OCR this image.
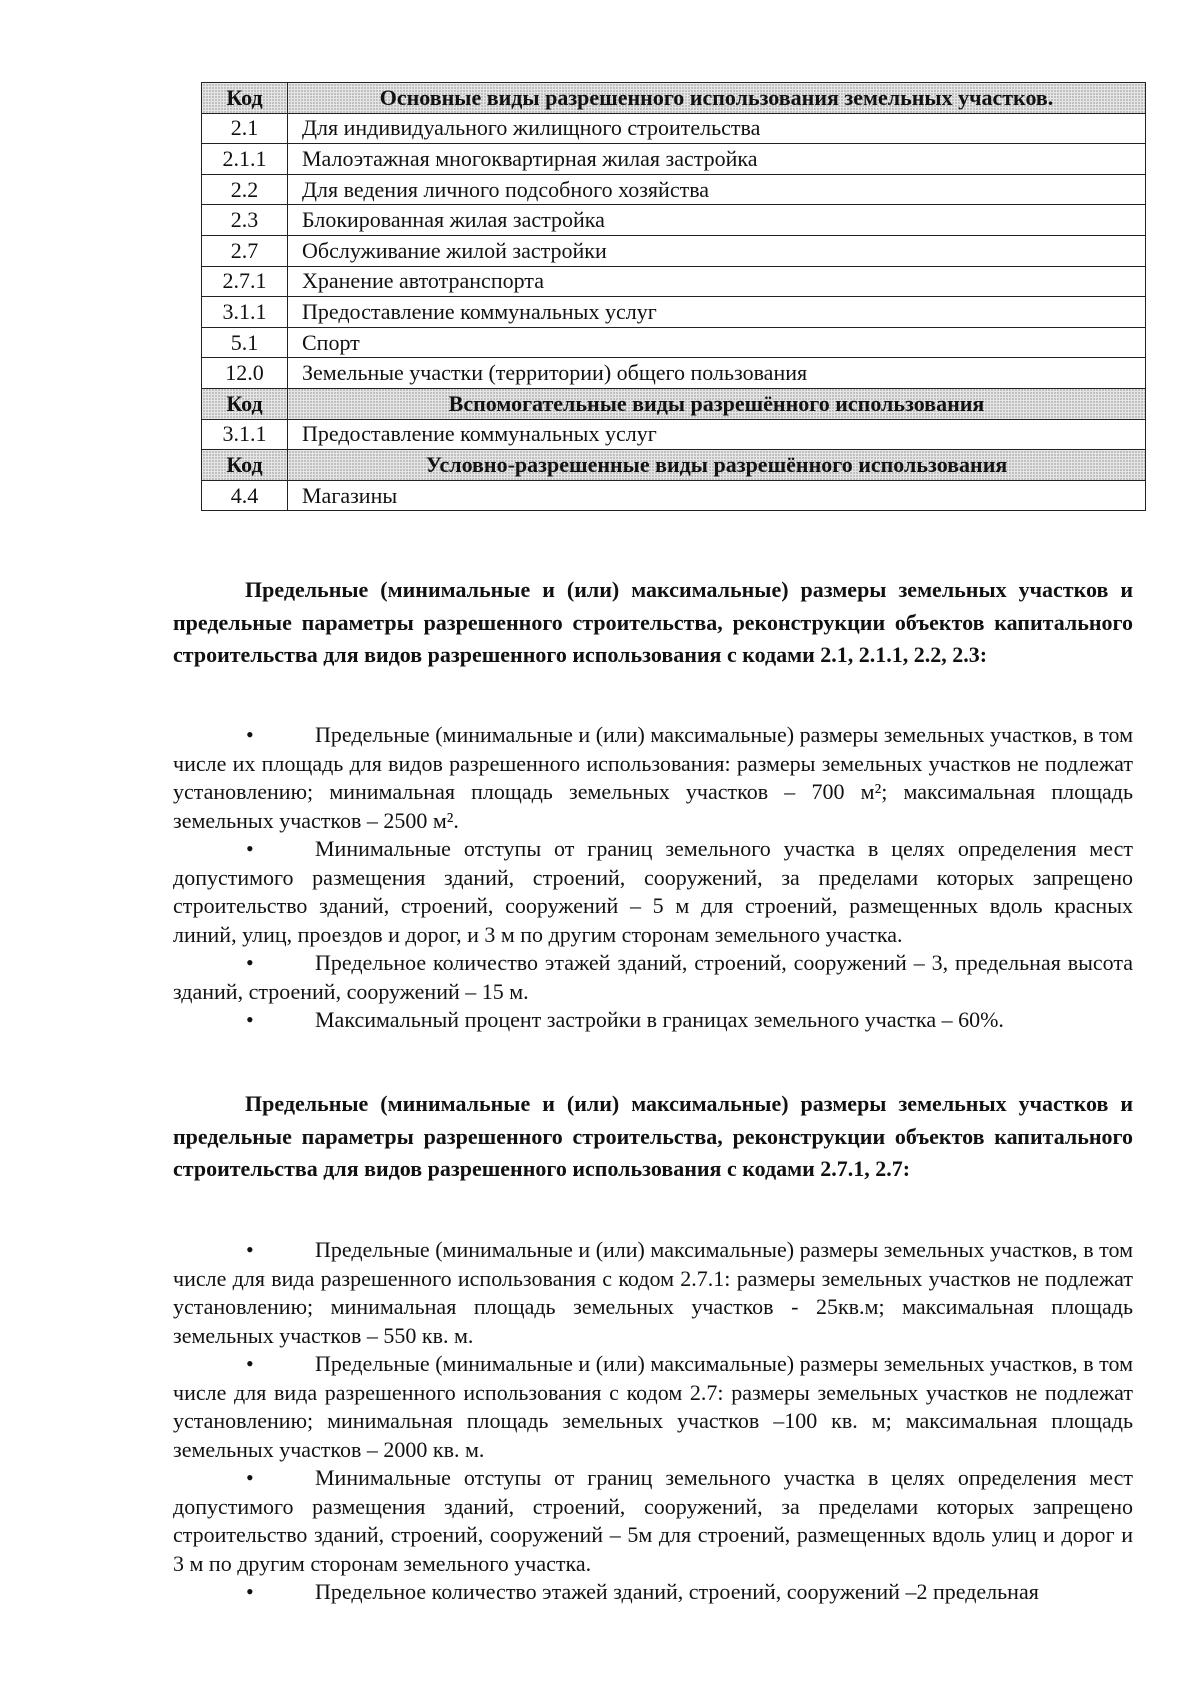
Код	Основные виды разрешенного использования земельных участков.
2.1	Для индивидуального жилищного строительства
2.1.1	Малоэтажная многоквартирная жилая застройка
2.2	Для ведения личного подсобного хозяйства
2.3	Блокированная жилая застройка
2.7	Обслуживание жилой застройки
2.7.1	Хранение автотранспорта
3.1.1	Предоставление коммунальных услуг
5.1	Спорт
12.0	Земельные участки (территории) общего пользования
Код	Вспомогательные виды разрешённого использования
3.1.1	Предоставление коммунальных услуг
Код	Условно-разрешенные виды разрешённого использования
4.4	Магазины

Предельные (минимальные и (или) максимальные) размеры земельных участков и предельные параметры разрешенного строительства, реконструкции объектов капитального строительства для видов разрешенного использования с кодами 2.1, 2.1.1, 2.2, 2.3:

•	Предельные (минимальные и (или) максимальные) размеры земельных участков, в том числе их площадь для видов разрешенного использования: размеры земельных участков не подлежат установлению; минимальная площадь земельных участков – 700 м²; максимальная площадь земельных участков – 2500 м².
•	Минимальные отступы от границ земельного участка в целях определения мест допустимого размещения зданий, строений, сооружений, за пределами которых запрещено строительство зданий, строений, сооружений – 5 м для строений, размещенных вдоль красных линий, улиц, проездов и дорог, и 3 м по другим сторонам земельного участка.
•	Предельное количество этажей зданий, строений, сооружений – 3, предельная высота зданий, строений, сооружений – 15 м.
•	Максимальный процент застройки в границах земельного участка – 60%.

Предельные (минимальные и (или) максимальные) размеры земельных участков и предельные параметры разрешенного строительства, реконструкции объектов капитального строительства для видов разрешенного использования с кодами 2.7.1, 2.7:

•	Предельные (минимальные и (или) максимальные) размеры земельных участков, в том числе для вида разрешенного использования с кодом 2.7.1: размеры земельных участков не подлежат установлению; минимальная площадь земельных участков - 25кв.м; максимальная площадь земельных участков – 550 кв. м.
•	Предельные (минимальные и (или) максимальные) размеры земельных участков, в том числе для вида разрешенного использования с кодом 2.7: размеры земельных участков не подлежат установлению; минимальная площадь земельных участков –100 кв. м; максимальная площадь земельных участков – 2000 кв. м.
•	Минимальные отступы от границ земельного участка в целях определения мест допустимого размещения зданий, строений, сооружений, за пределами которых запрещено строительство зданий, строений, сооружений – 5м для строений, размещенных вдоль улиц и дорог и 3 м по другим сторонам земельного участка.
•	Предельное количество этажей зданий, строений, сооружений –2 предельная
